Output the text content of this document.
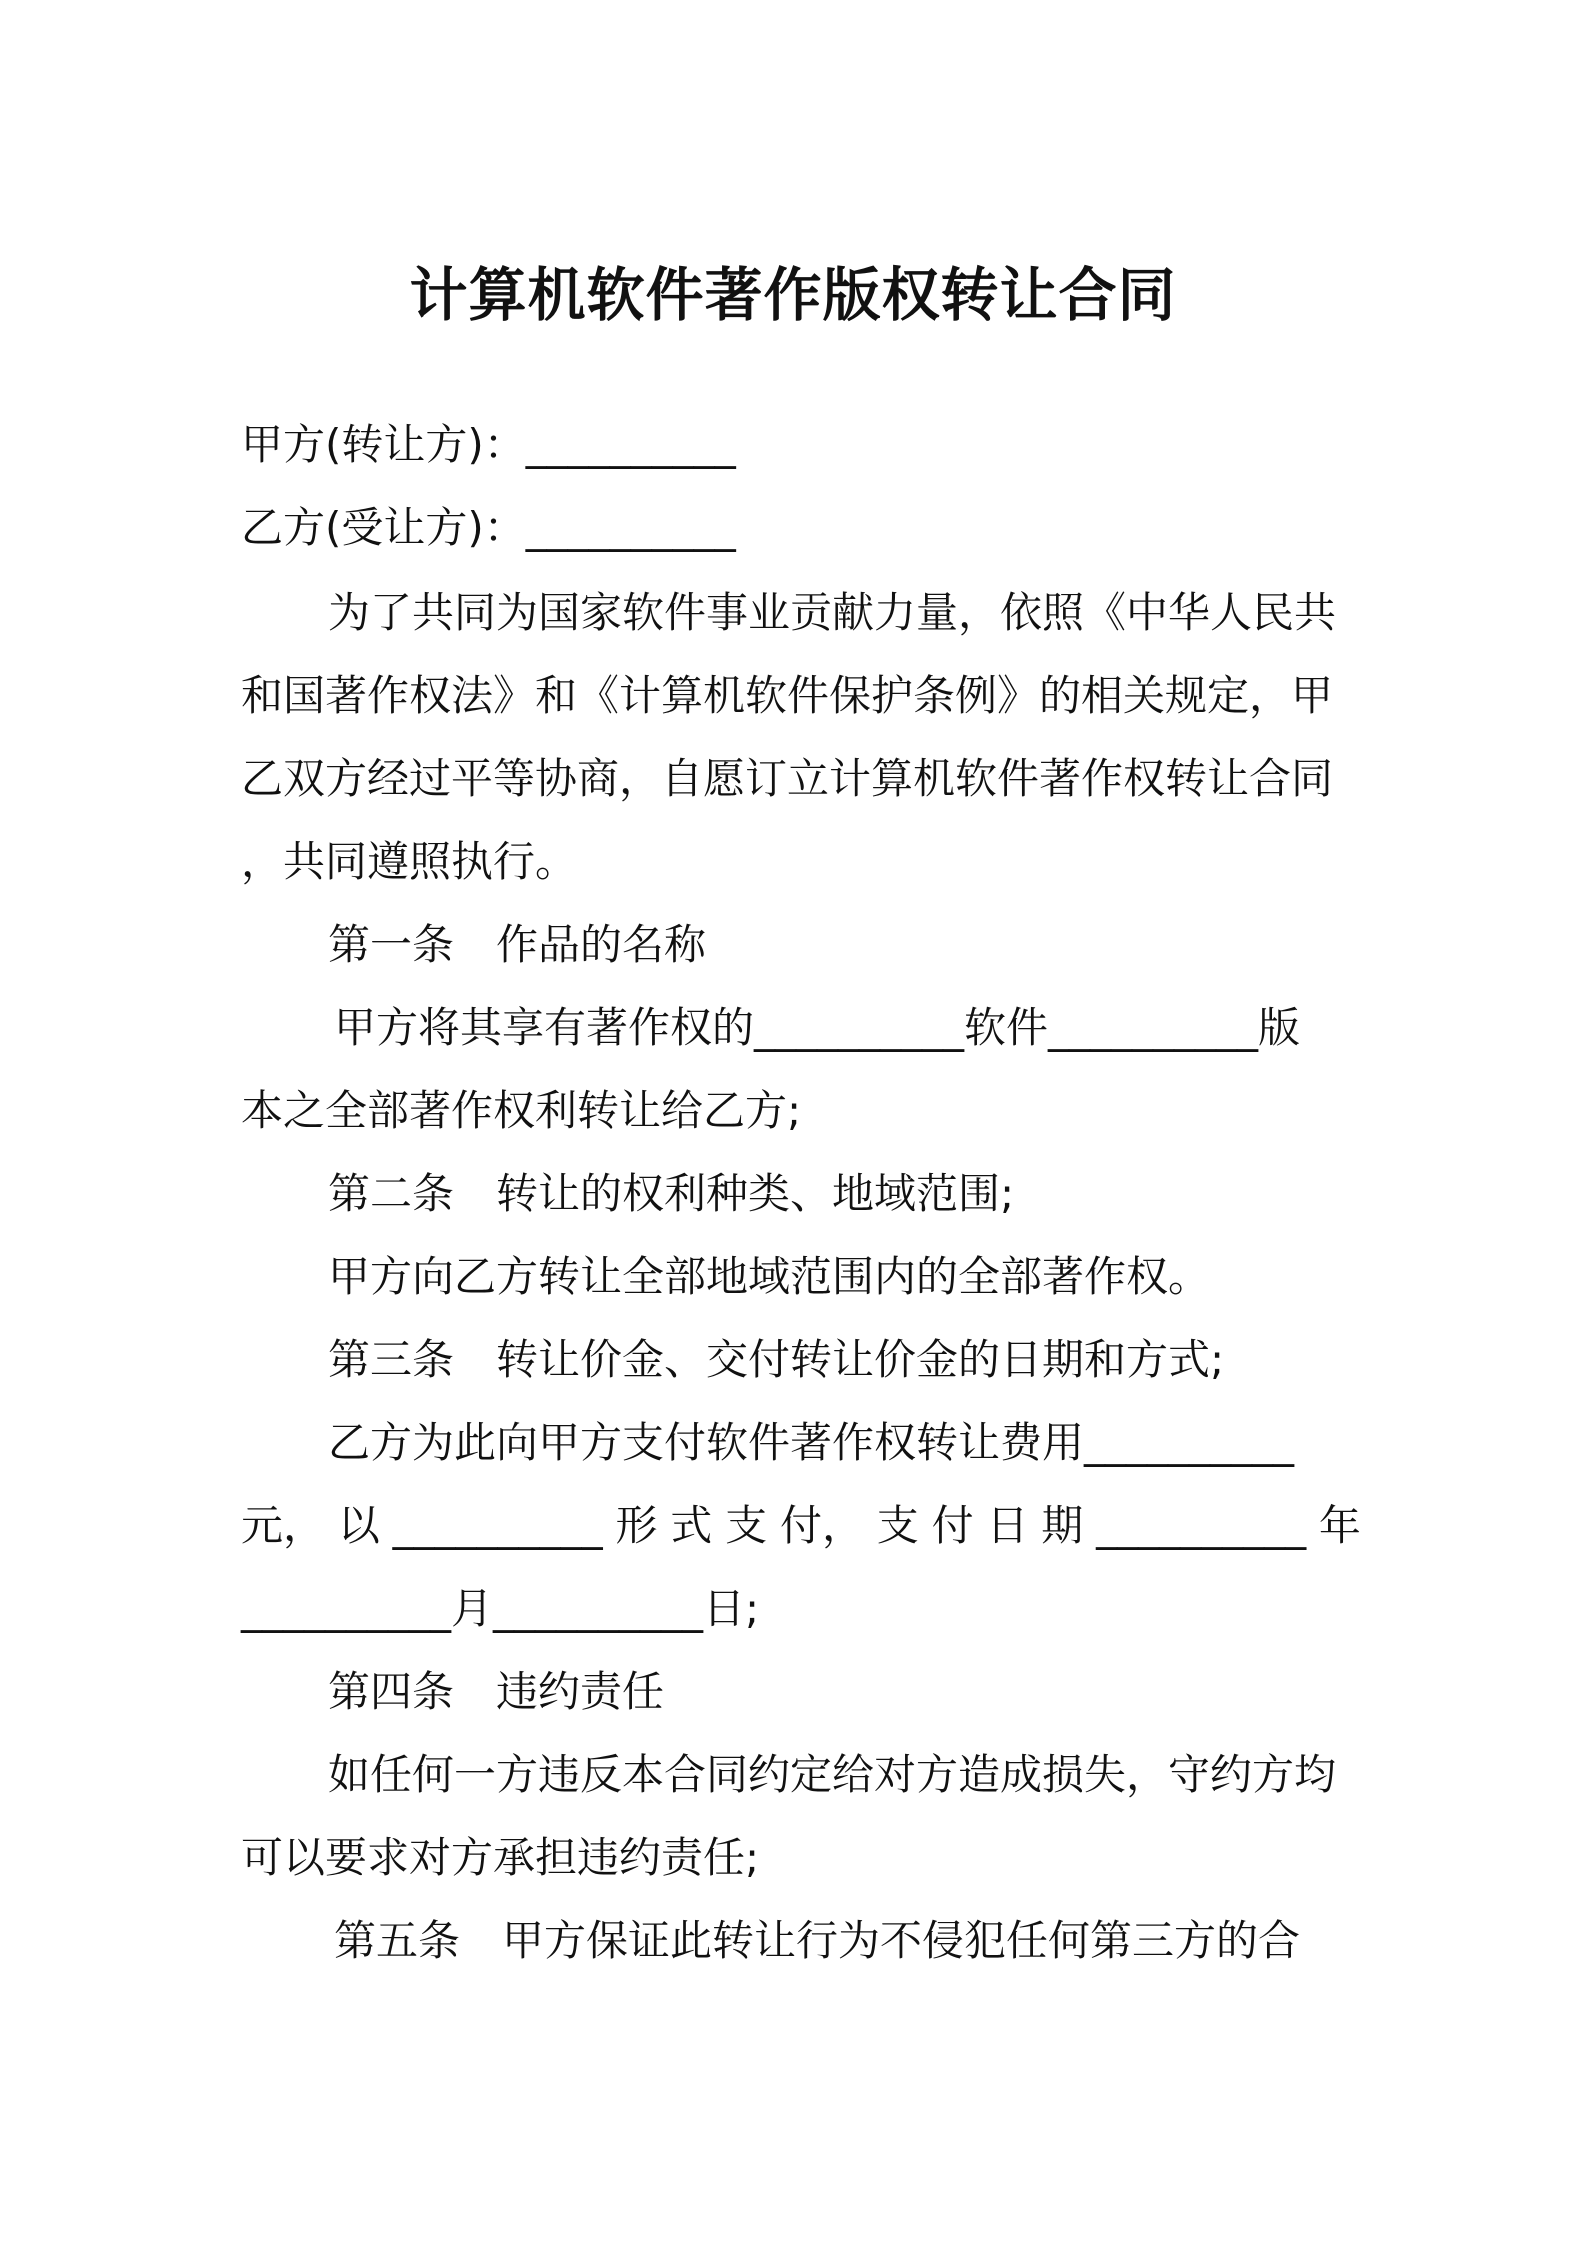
计算机软件著作版权转让合同

甲方(转让方)：__________

乙方(受让方)：__________

为了共同为国家软件事业贡献力量，依照《中华人民共

和国著作权法》和《计算机软件保护条例》的相关规定，甲

乙双方经过平等协商，自愿订立计算机软件著作权转让合同

，共同遵照执行。

第一条　作品的名称

甲方将其享有著作权的__________软件__________版

本之全部著作权利转让给乙方;

第二条　转让的权利种类、地域范围;

甲方向乙方转让全部地域范围内的全部著作权。

第三条　转让价金、交付转让价金的日期和方式;

乙方为此向甲方支付软件著作权转让费用__________

元， 以 __________ 形 式 支 付， 支 付 日 期 __________ 年

__________月__________日;

第四条　违约责任

如任何一方违反本合同约定给对方造成损失，守约方均

可以要求对方承担违约责任;

第五条　甲方保证此转让行为不侵犯任何第三方的合
